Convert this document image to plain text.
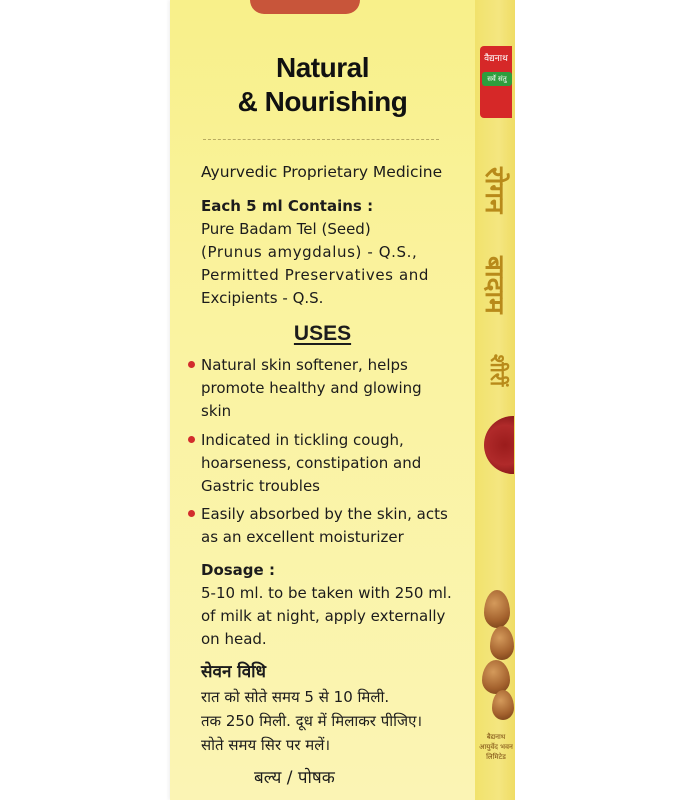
Natural
& Nourishing
Ayurvedic Proprietary Medicine
Each 5 ml Contains :
Pure Badam Tel (Seed)
(Prunus amygdalus) - Q.S.,
Permitted Preservatives and
Excipients - Q.S.
USES
Natural skin softener, helps
promote healthy and glowing
skin
Indicated in tickling cough,
hoarseness, constipation and
Gastric troubles
Easily absorbed by the skin, acts
as an excellent moisturizer
Dosage :
5-10 ml. to be taken with 250 ml.
of milk at night, apply externally
on head.
सेवन विधि
रात को सोते समय 5 से 10 मिली.
तक 250 मिली. दूध में मिलाकर पीजिए।
सोते समय सिर पर मलें।
बल्य / पोषक
वैद्यनाथ
सर्वे संतु
रोगन
बादाम
शीरीं
बैद्यनाथ आयुर्वेद भवन लिमिटेड
